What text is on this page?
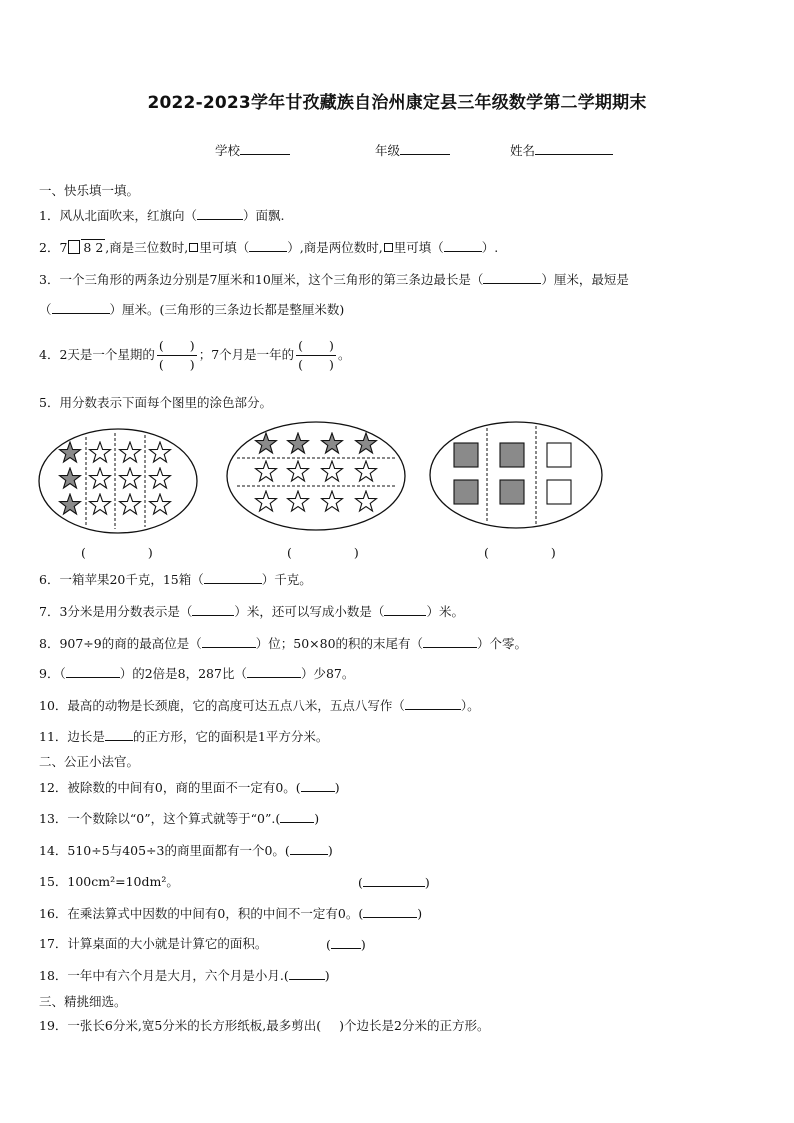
2022-2023学年甘孜藏族自治州康定县三年级数学第二学期期末
学校	年级	姓名
一、快乐填一填。
1．风从北面吹来，红旗向（	）面飘.
2．7 8 2 ,商是三位数时, 里可填（	）,商是两位数时, 里可填（	）.
3．一个三角形的两条边分别是7厘米和10厘米，这个三角形的第三条边最长是（	）厘米，最短是
（	）厘米。(三角形的三条边长都是整厘米数)
4．2天是一个星期的 $\frac{( )}{( )}$ ；7个月是一年的 $\frac{( )}{( )}$ 。
5．用分数表示下面每个图里的涂色部分。
(	)	(	)	(	)
6．一箱苹果20千克，15箱（	）千克。
7．3分米是用分数表示是（	）米，还可以写成小数是（	）米。
8．907÷9的商的最高位是（	）位；50×80的积的末尾有（	）个零。
9．（	）的2倍是8，287比（	）少87。
10．最高的动物是长颈鹿，它的高度可达五点八米，五点八写作（	）。
11．边长是 的正方形，它的面积是1平方分米。
二、公正小法官。
12．被除数的中间有0，商的里面不一定有0。(	)
13．一个数除以“0”，这个算式就等于“0”.(	)
14．510÷5与405÷3的商里面都有一个0。(	)
15．100cm²=10dm²。	(	)
16．在乘法算式中因数的中间有0，积的中间不一定有0。(	)
17．计算桌面的大小就是计算它的面积。	( )
18．一年中有六个月是大月，六个月是小月.(	)
三、精挑细选。
19．一张长6分米,宽5分米的长方形纸板,最多剪出( )个边长是2分米的正方形。
